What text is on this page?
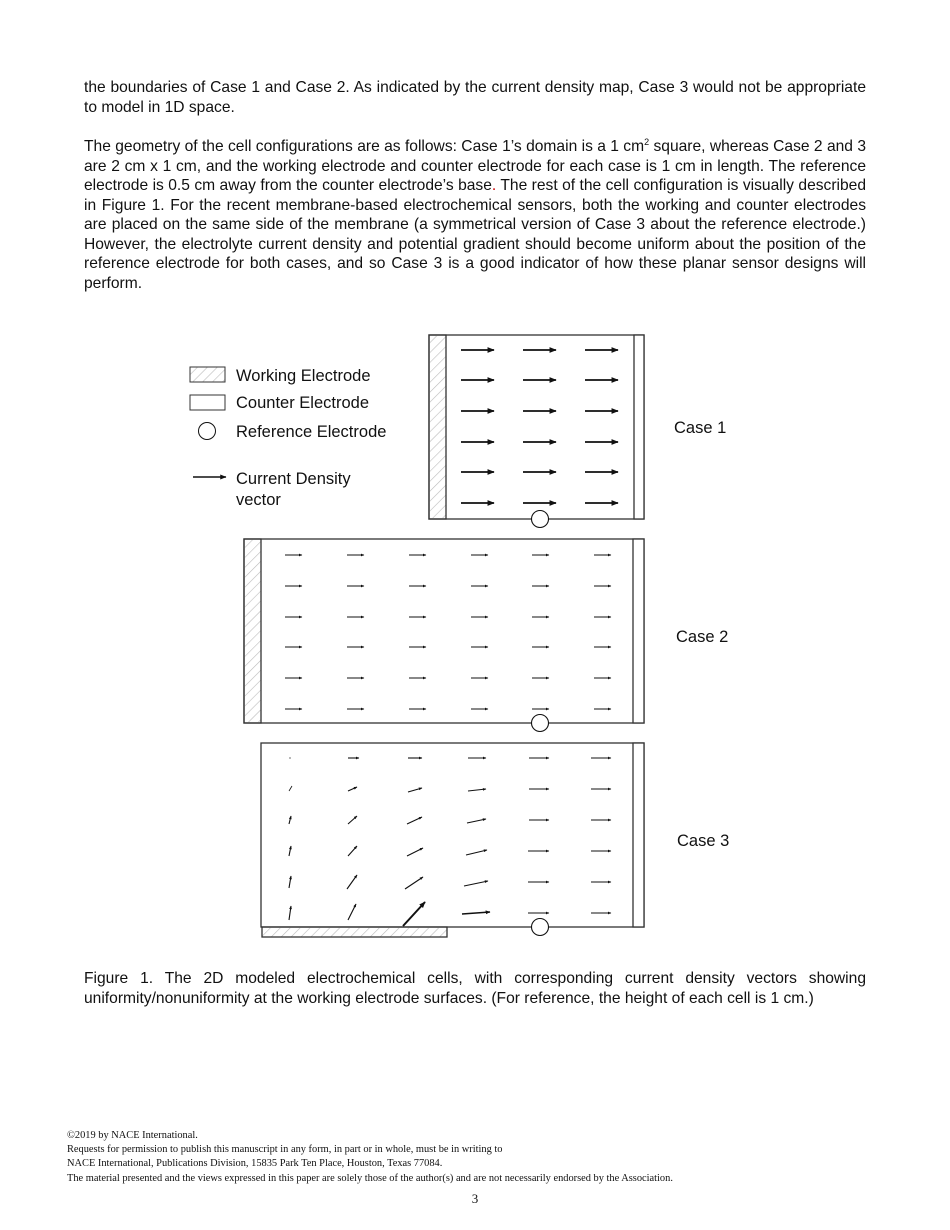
the boundaries of Case 1 and Case 2. As indicated by the current density map, Case 3 would not be appropriate to model in 1D space.

The geometry of the cell configurations are as follows: Case 1’s domain is a 1 $cm^2$ square, whereas Case 2 and 3 are 2 cm x 1 cm, and the working electrode and counter electrode for each case is 1 cm in length. The reference electrode is 0.5 cm away from the counter electrode’s base. The rest of the cell configuration is visually described in Figure 1. For the recent membrane-based electrochemical sensors, both the working and counter electrodes are placed on the same side of the membrane (a symmetrical version of Case 3 about the reference electrode.) However, the electrolyte current density and potential gradient should become uniform about the position of the reference electrode for both cases, and so Case 3 is a good indicator of how these planar sensor designs will perform.

Working Electrode
Counter Electrode
Reference Electrode
Current Density
vector
Case 1
Case 2
Case 3

Figure 1. The 2D modeled electrochemical cells, with corresponding current density vectors showing uniformity/nonuniformity at the working electrode surfaces. (For reference, the height of each cell is 1 cm.)

©2019 by NACE International.
Requests for permission to publish this manuscript in any form, in part or in whole, must be in writing to
NACE International, Publications Division, 15835 Park Ten Place, Houston, Texas 77084.
The material presented and the views expressed in this paper are solely those of the author(s) and are not necessarily endorsed by the Association.
3
